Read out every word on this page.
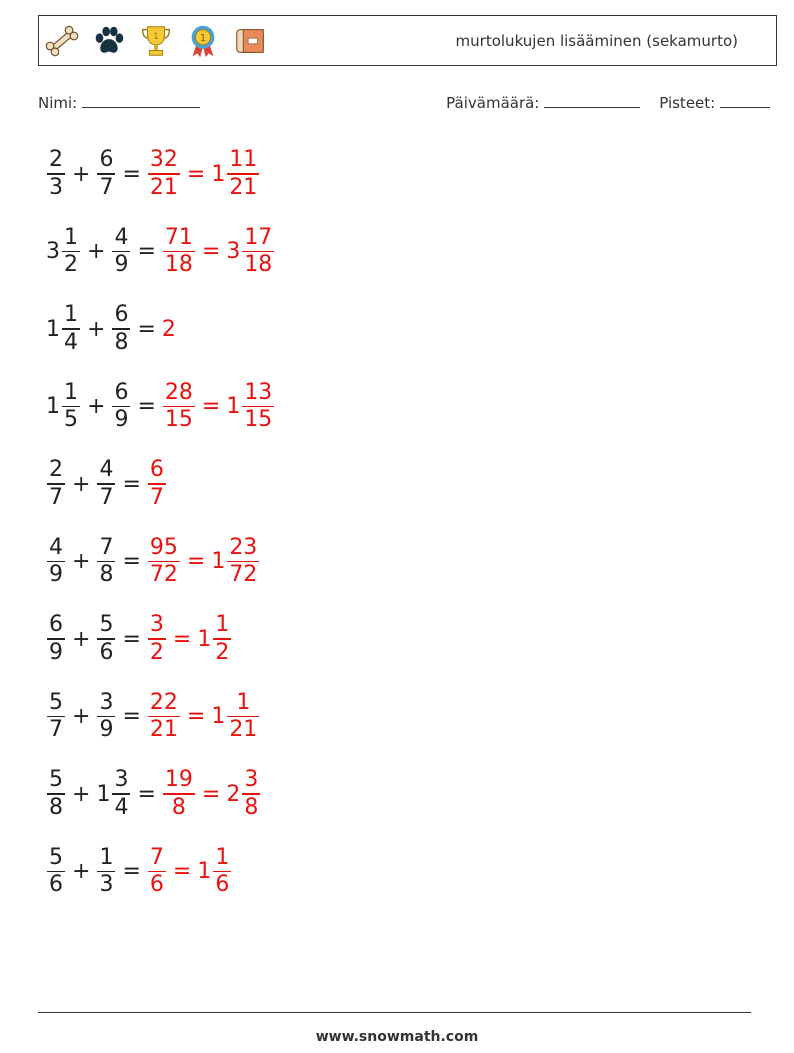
1	1	murtolukujen lisääminen (sekamurto)
Nimi:	Päivämäärä:	Pisteet:
$\frac{2}{3} + \frac{6}{7} = \frac{32}{21} = 1 \frac{11}{21}$
$3 \frac{1}{2} + \frac{4}{9} = \frac{71}{18} = 3 \frac{17}{18}$
$1 \frac{1}{4} + \frac{6}{8} = 2$
$1 \frac{1}{5} + \frac{6}{9} = \frac{28}{15} = 1 \frac{13}{15}$
$\frac{2}{7} + \frac{4}{7} = \frac{6}{7}$
$\frac{4}{9} + \frac{7}{8} = \frac{95}{72} = 1 \frac{23}{72}$
$\frac{6}{9} + \frac{5}{6} = \frac{3}{2} = 1 \frac{1}{2}$
$\frac{5}{7} + \frac{3}{9} = \frac{22}{21} = 1 \frac{1}{21}$
$\frac{5}{8} + 1 \frac{3}{4} = \frac{19}{8} = 2 \frac{3}{8}$
$\frac{5}{6} + \frac{1}{3} = \frac{7}{6} = 1 \frac{1}{6}$
www.snowmath.com
